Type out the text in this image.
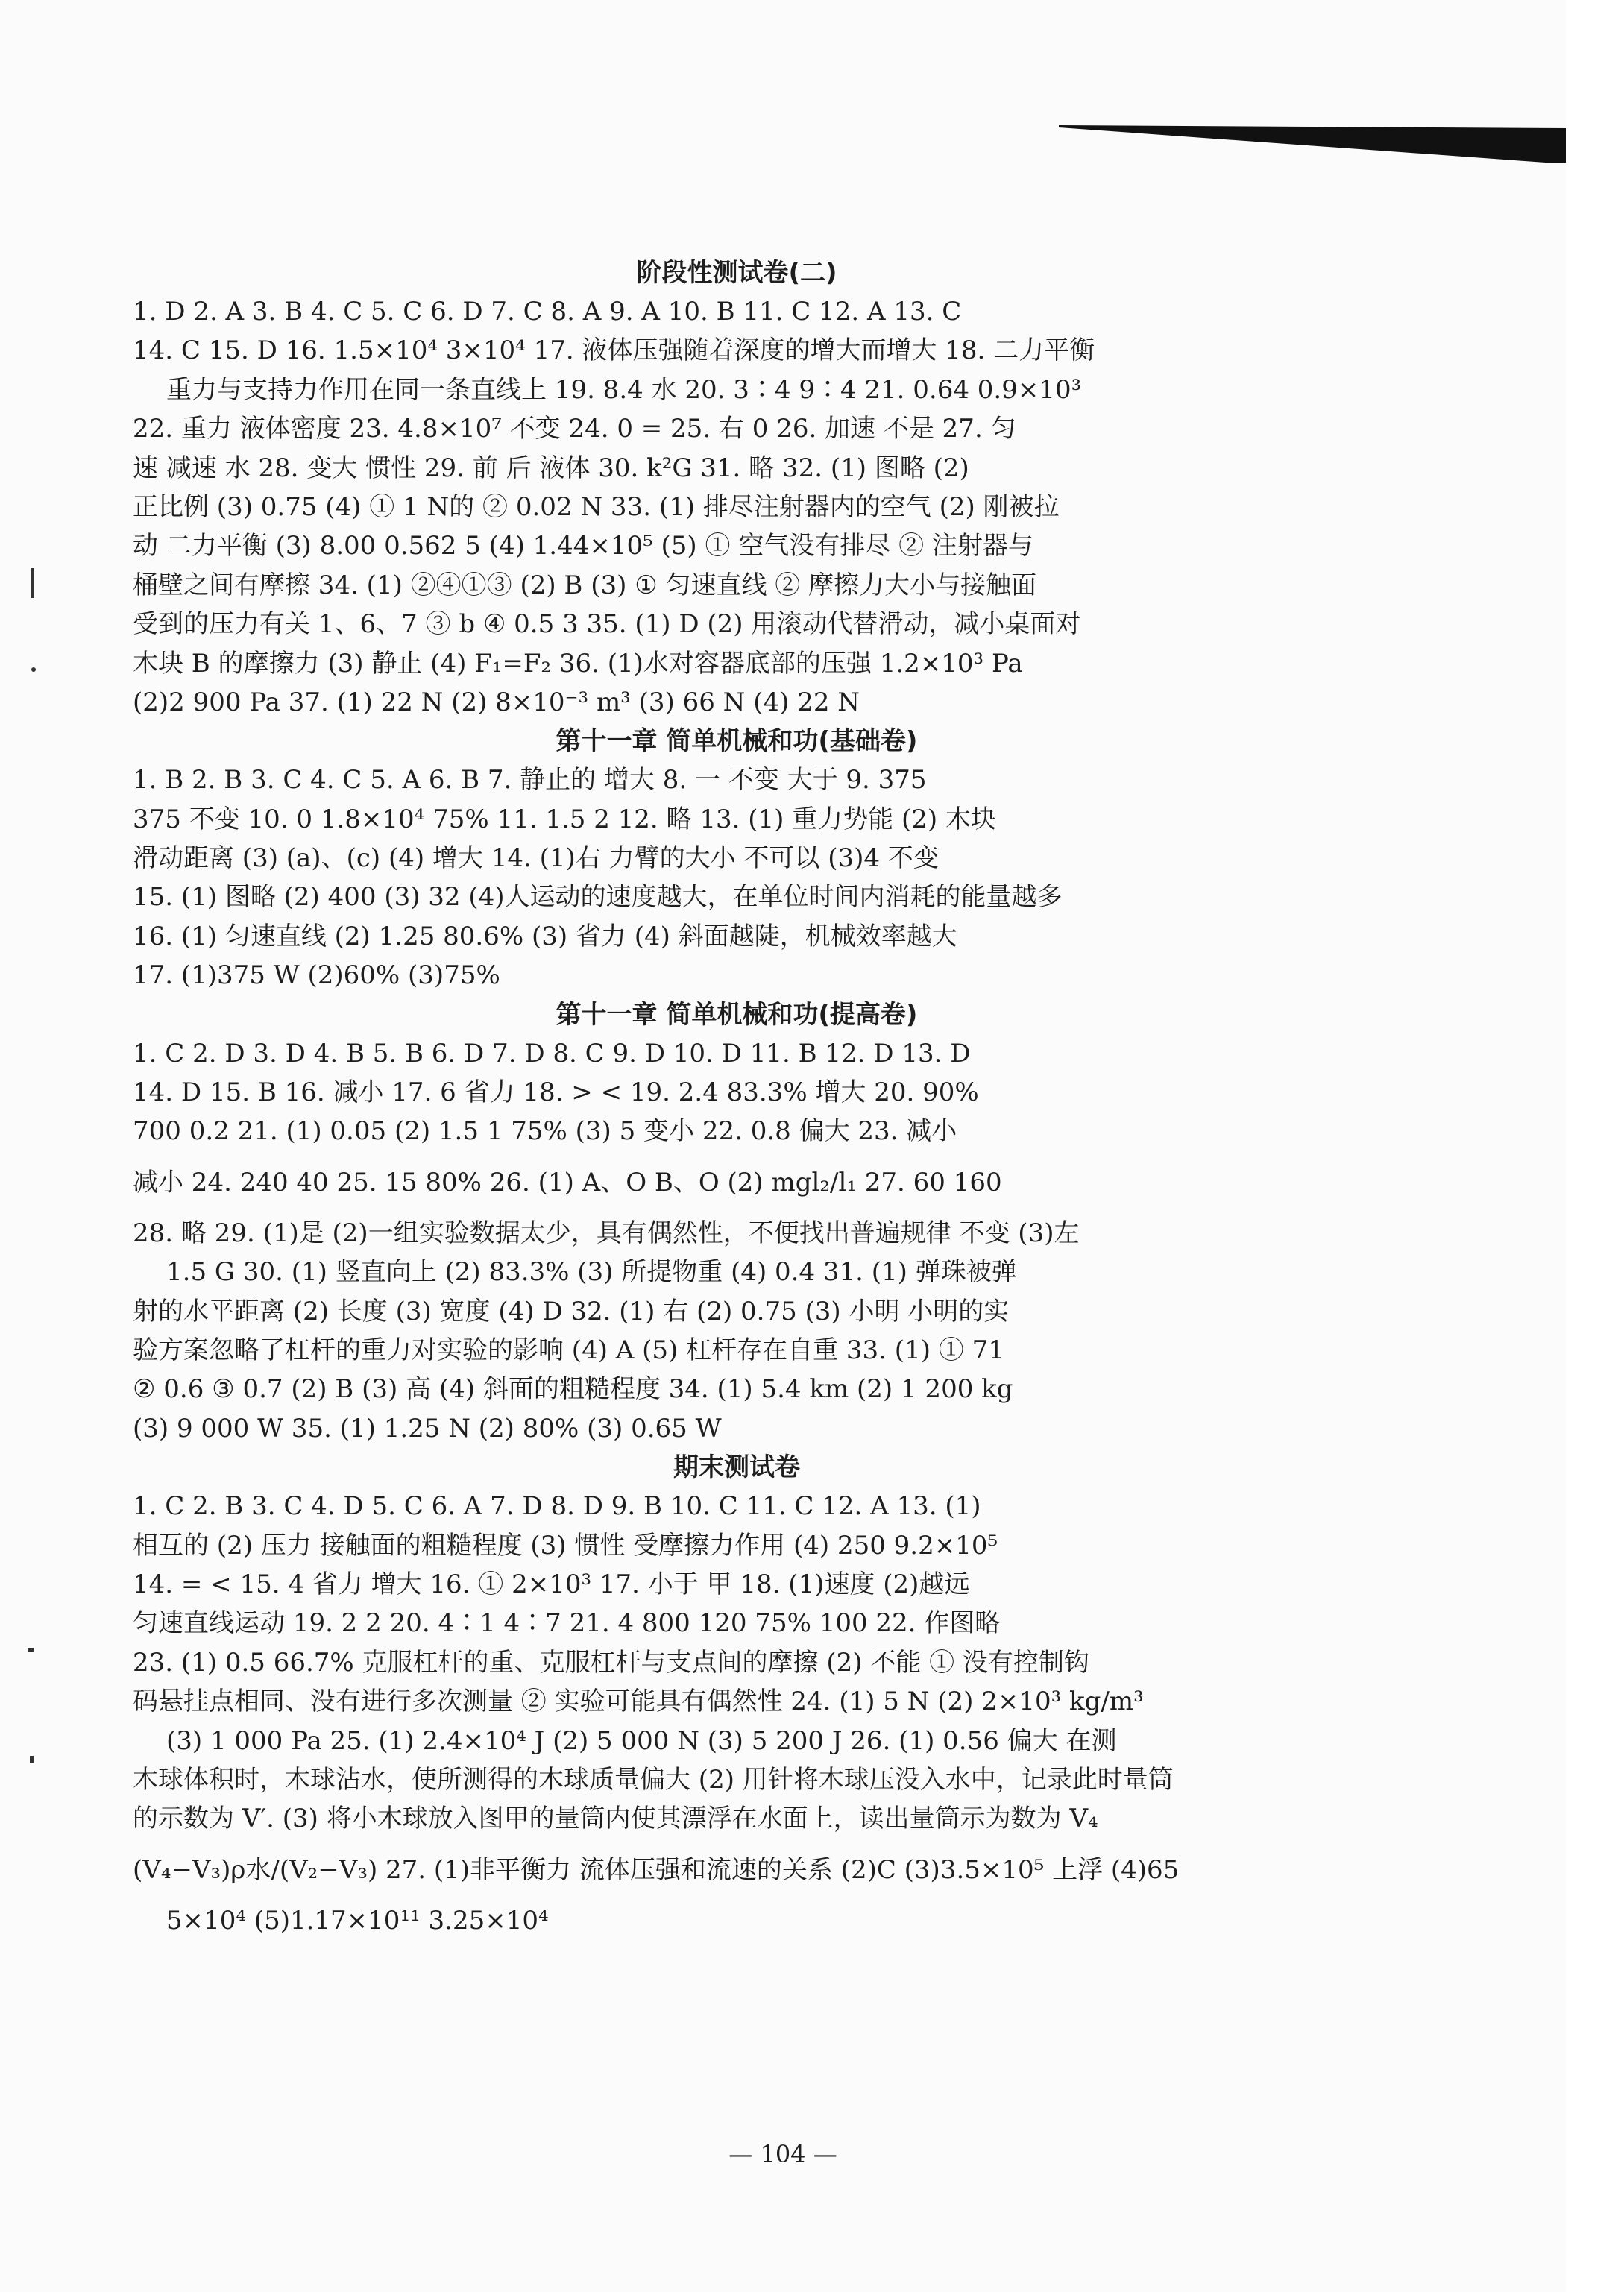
阶段性测试卷(二)
1. D 2. A 3. B 4. C 5. C 6. D 7. C 8. A 9. A 10. B 11. C 12. A 13. C
14. C 15. D 16. 1.5×10⁴ 3×10⁴ 17. 液体压强随着深度的增大而增大 18. 二力平衡
重力与支持力作用在同一条直线上 19. 8.4 水 20. 3∶4 9∶4 21. 0.64 0.9×10³
22. 重力 液体密度 23. 4.8×10⁷ 不变 24. 0 = 25. 右 0 26. 加速 不是 27. 匀
速 减速 水 28. 变大 惯性 29. 前 后 液体 30. k²G 31. 略 32. (1) 图略 (2)
正比例 (3) 0.75 (4) ① 1 N的 ② 0.02 N 33. (1) 排尽注射器内的空气 (2) 刚被拉
动 二力平衡 (3) 8.00 0.562 5 (4) 1.44×10⁵ (5) ① 空气没有排尽 ② 注射器与
桶壁之间有摩擦 34. (1) ②④①③ (2) B (3) ① 匀速直线 ② 摩擦力大小与接触面
受到的压力有关 1、6、7 ③ b ④ 0.5 3 35. (1) D (2) 用滚动代替滑动，减小桌面对
木块 B 的摩擦力 (3) 静止 (4) F₁=F₂ 36. (1)水对容器底部的压强 1.2×10³ Pa
(2)2 900 Pa 37. (1) 22 N (2) 8×10⁻³ m³ (3) 66 N (4) 22 N
第十一章 简单机械和功(基础卷)
1. B 2. B 3. C 4. C 5. A 6. B 7. 静止的 增大 8. 一 不变 大于 9. 375
375 不变 10. 0 1.8×10⁴ 75% 11. 1.5 2 12. 略 13. (1) 重力势能 (2) 木块
滑动距离 (3) (a)、(c) (4) 增大 14. (1)右 力臂的大小 不可以 (3)4 不变
15. (1) 图略 (2) 400 (3) 32 (4)人运动的速度越大，在单位时间内消耗的能量越多
16. (1) 匀速直线 (2) 1.25 80.6% (3) 省力 (4) 斜面越陡，机械效率越大
17. (1)375 W (2)60% (3)75%
第十一章 简单机械和功(提高卷)
1. C 2. D 3. D 4. B 5. B 6. D 7. D 8. C 9. D 10. D 11. B 12. D 13. D
14. D 15. B 16. 减小 17. 6 省力 18. > < 19. 2.4 83.3% 增大 20. 90%
700 0.2 21. (1) 0.05 (2) 1.5 1 75% (3) 5 变小 22. 0.8 偏大 23. 减小
减小 24. 240 40 25. 15 80% 26. (1) A、O B、O (2) mgl₂/l₁ 27. 60 160
28. 略 29. (1)是 (2)一组实验数据太少，具有偶然性，不便找出普遍规律 不变 (3)左
1.5 G 30. (1) 竖直向上 (2) 83.3% (3) 所提物重 (4) 0.4 31. (1) 弹珠被弹
射的水平距离 (2) 长度 (3) 宽度 (4) D 32. (1) 右 (2) 0.75 (3) 小明 小明的实
验方案忽略了杠杆的重力对实验的影响 (4) A (5) 杠杆存在自重 33. (1) ① 71
② 0.6 ③ 0.7 (2) B (3) 高 (4) 斜面的粗糙程度 34. (1) 5.4 km (2) 1 200 kg
(3) 9 000 W 35. (1) 1.25 N (2) 80% (3) 0.65 W
期末测试卷
1. C 2. B 3. C 4. D 5. C 6. A 7. D 8. D 9. B 10. C 11. C 12. A 13. (1)
相互的 (2) 压力 接触面的粗糙程度 (3) 惯性 受摩擦力作用 (4) 250 9.2×10⁵
14. = < 15. 4 省力 增大 16. ① 2×10³ 17. 小于 甲 18. (1)速度 (2)越远
匀速直线运动 19. 2 2 20. 4∶1 4∶7 21. 4 800 120 75% 100 22. 作图略
23. (1) 0.5 66.7% 克服杠杆的重、克服杠杆与支点间的摩擦 (2) 不能 ① 没有控制钩
码悬挂点相同、没有进行多次测量 ② 实验可能具有偶然性 24. (1) 5 N (2) 2×10³ kg/m³
(3) 1 000 Pa 25. (1) 2.4×10⁴ J (2) 5 000 N (3) 5 200 J 26. (1) 0.56 偏大 在测
木球体积时，木球沾水，使所测得的木球质量偏大 (2) 用针将木球压没入水中，记录此时量筒
的示数为 V′. (3) 将小木球放入图甲的量筒内使其漂浮在水面上，读出量筒示为数为 V₄
(V₄−V₃)ρ水/(V₂−V₃) 27. (1)非平衡力 流体压强和流速的关系 (2)C (3)3.5×10⁵ 上浮 (4)65
5×10⁴ (5)1.17×10¹¹ 3.25×10⁴
— 104 —
